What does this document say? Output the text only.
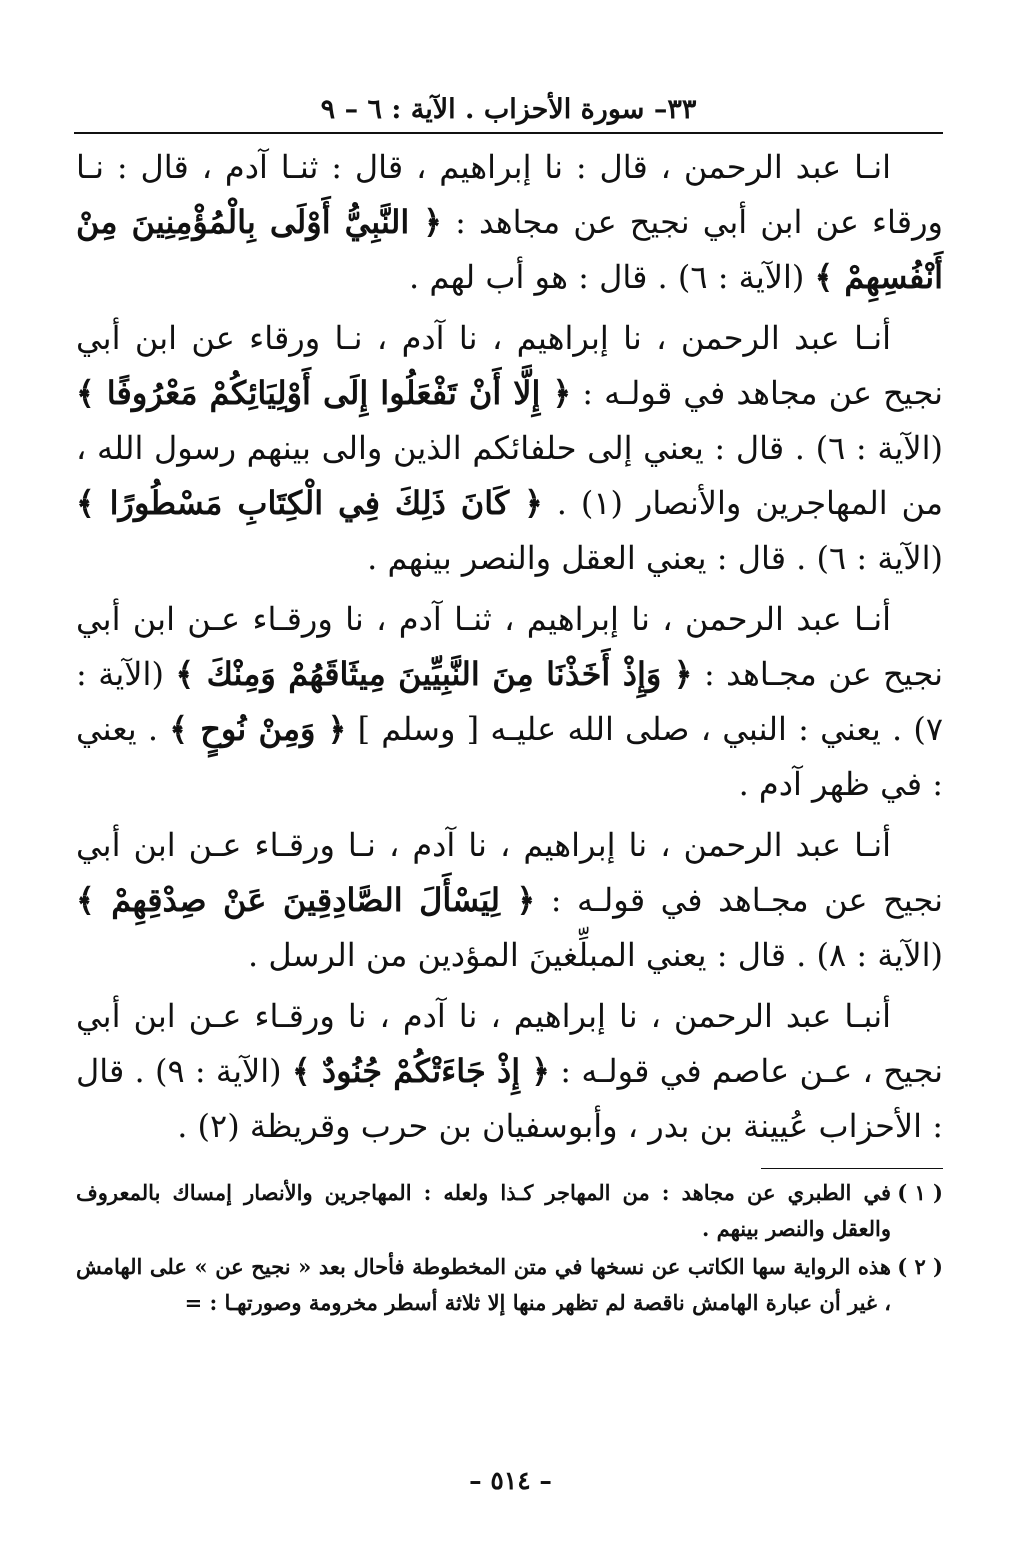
٣٣– سورة الأحزاب . الآية : ٦ – ٩

انـا عبد الرحمن ، قال : نا إبراهيم ، قال : ثنـا آدم ، قال : نـا ورقاء عن ابن أبي نجيح عن مجاهد : ﴿ النَّبِيُّ أَوْلَى بِالْمُؤْمِنِينَ مِنْ أَنْفُسِهِمْ ﴾ (الآية : ٦) . قال : هو أب لهم .

أنـا عبد الرحمن ، نا إبراهيم ، نا آدم ، نـا ورقاء عن ابن أبي نجيح عن مجاهد في قولـه : ﴿ إِلَّا أَنْ تَفْعَلُوا إِلَى أَوْلِيَائِكُمْ مَعْرُوفًا ﴾ (الآية : ٦) . قال : يعني إلى حلفائكم الذين والى بينهم رسول الله ، من المهاجرين والأنصار (١) . ﴿ كَانَ ذَلِكَ فِي الْكِتَابِ مَسْطُورًا ﴾ (الآية : ٦) . قال : يعني العقل والنصر بينهم .

أنـا عبد الرحمن ، نا إبراهيم ، ثنـا آدم ، نا ورقـاء عـن ابن أبي نجيح عن مجـاهد : ﴿ وَإِذْ أَخَذْنَا مِنَ النَّبِيِّينَ مِيثَاقَهُمْ وَمِنْكَ ﴾ (الآية : ٧) . يعني : النبي ، صلى الله عليـه [ وسلم ] ﴿ وَمِنْ نُوحٍ ﴾ . يعني : في ظهر آدم .

أنـا عبد الرحمن ، نا إبراهيم ، نا آدم ، نـا ورقـاء عـن ابن أبي نجيح عن مجـاهد في قولـه : ﴿ لِيَسْأَلَ الصَّادِقِينَ عَنْ صِدْقِهِمْ ﴾ (الآية : ٨) . قال : يعني المبلِّغينَ المؤدين من الرسل .

أنبـا عبد الرحمن ، نا إبراهيم ، نا آدم ، نا ورقـاء عـن ابن أبي نجيح ، عـن عاصم في قولـه : ﴿ إِذْ جَاءَتْكُمْ جُنُودٌ ﴾ (الآية : ٩) . قال : الأحزاب عُيينة بن بدر ، وأبوسفيان بن حرب وقريظة (٢) .

( ١ )
في الطبري عن مجاهد : من المهاجر كـذا ولعله : المهاجرين والأنصار إمساك بالمعروف والعقل والنصر بينهم .

( ٢ )
هذه الرواية سها الكاتب عن نسخها في متن المخطوطة فأحال بعد « نجيح عن » على الهامش ، غير أن عبارة الهامش ناقصة لم تظهر منها إلا ثلاثة أسطر مخرومة وصورتهـا : =

– ٥١٤ –
